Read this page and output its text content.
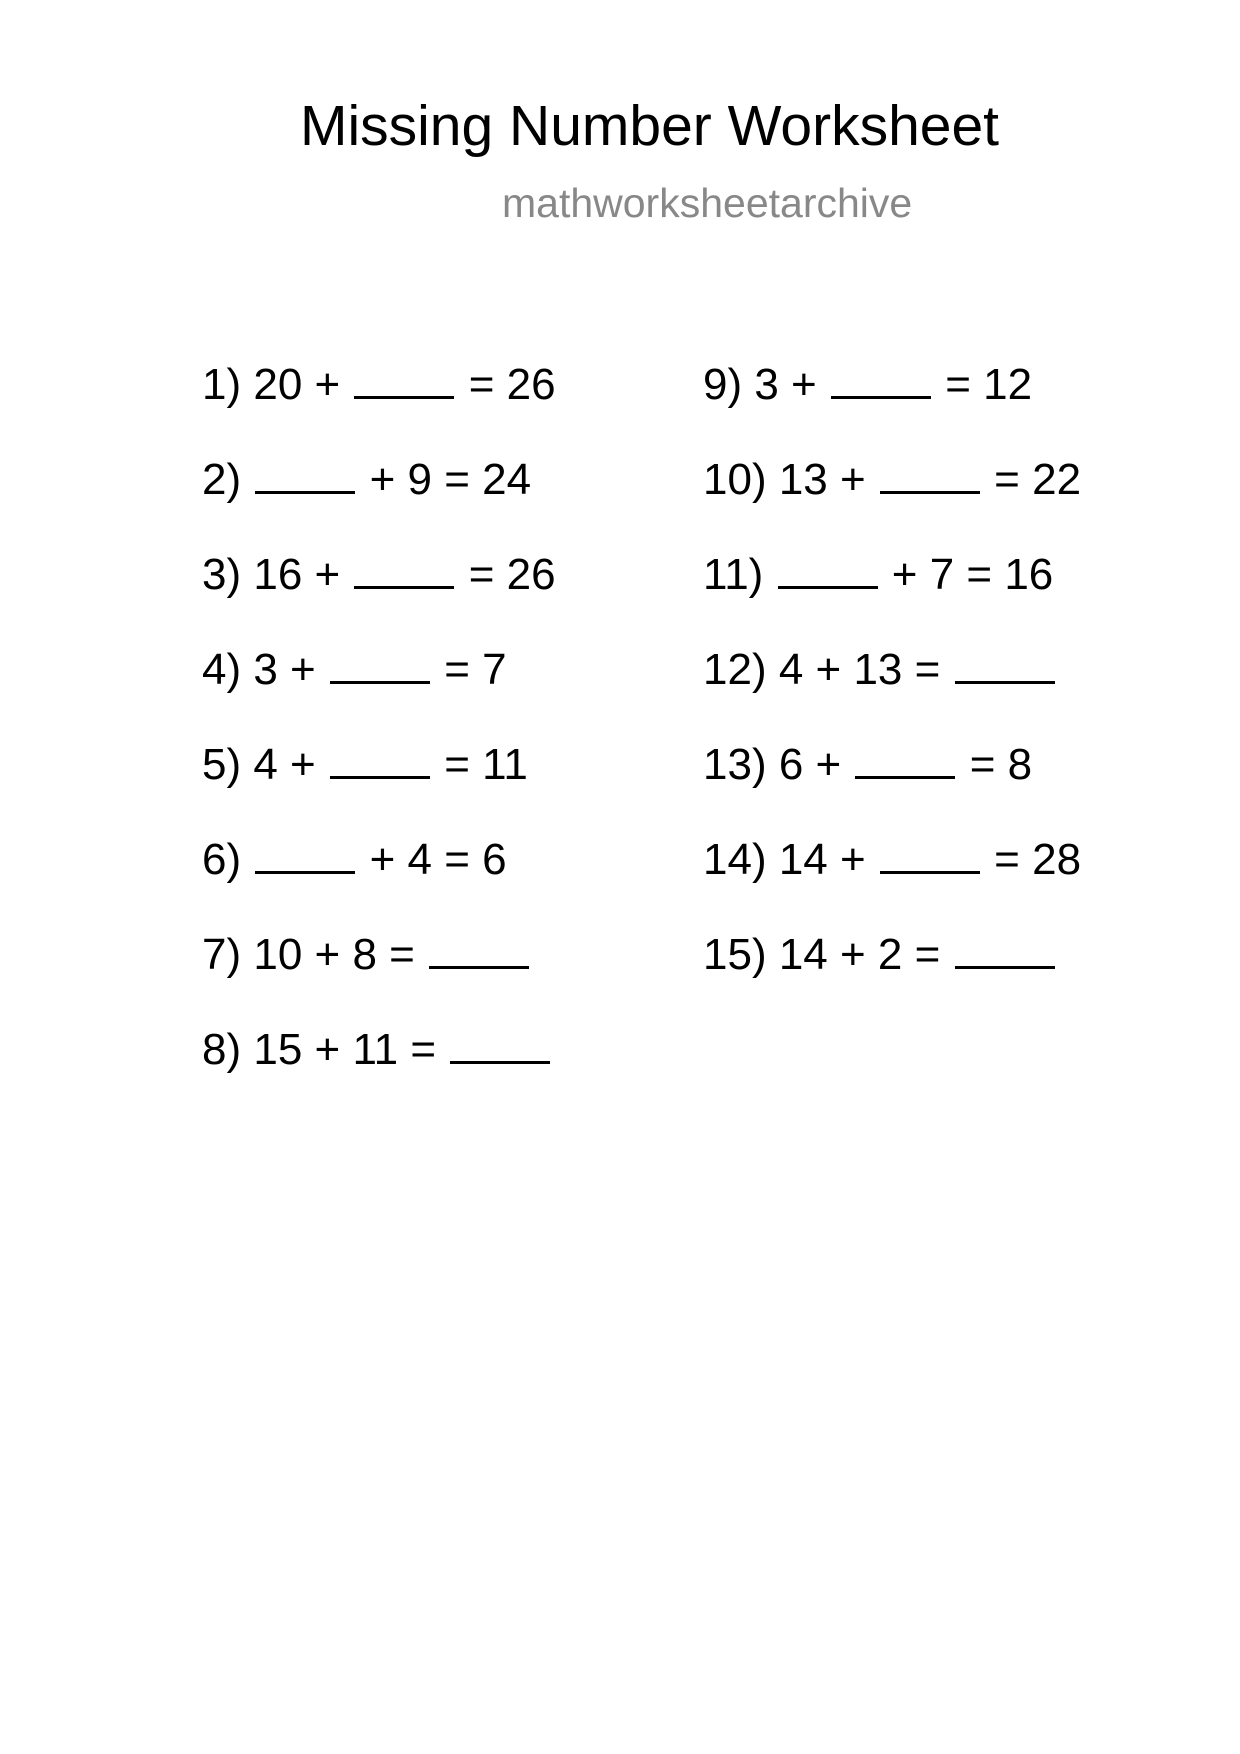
Missing Number Worksheet
mathworksheetarchive
1) 20 +	= 26
2)	+ 9 = 24
3) 16 +	= 26
4) 3 +	= 7
5) 4 +	= 11
6)	+ 4 = 6
7) 10 + 8 =
8) 15 + 11 =
9) 3 +	= 12
10) 13 +	= 22
11)	+ 7 = 16
12) 4 + 13 =
13) 6 +	= 8
14) 14 +	= 28
15) 14 + 2 =
